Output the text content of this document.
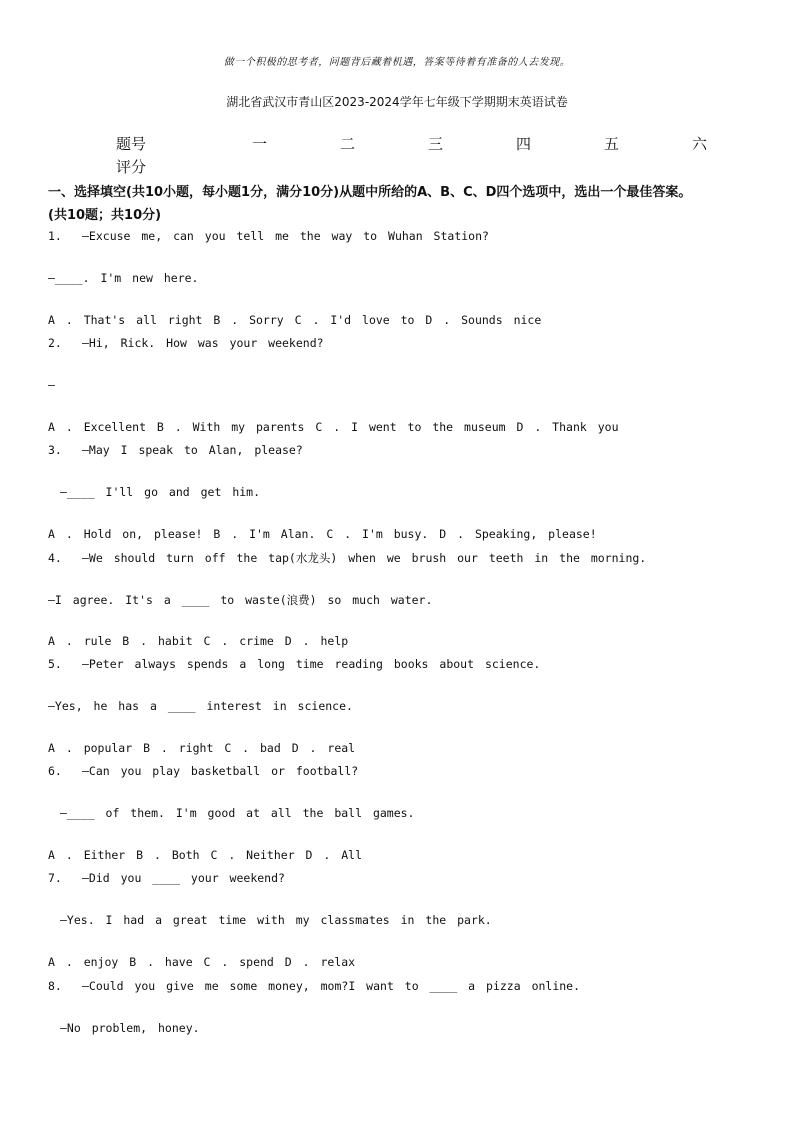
做一个积极的思考者，问题背后藏着机遇，答案等待着有准备的人去发现。
湖北省武汉市青山区2023-2024学年七年级下学期期末英语试卷
题号	一	二	三	四	五	六
评分
一、选择填空(共10小题，每小题1分，满分10分)从题中所给的A、B、C、D四个选项中，选出一个最佳答案。
(共10题；共10分)
1. —Excuse me, can you tell me the way to Wuhan Station?
—____. I'm new here.
A . That's all right B . Sorry C . I'd love to D . Sounds nice
2. —Hi, Rick. How was your weekend?
—
A . Excellent B . With my parents C . I went to the museum D . Thank you
3. —May I speak to Alan, please?
—____ I'll go and get him.
A . Hold on, please! B . I'm Alan. C . I'm busy. D . Speaking, please!
4. —We should turn off the tap(水龙头) when we brush our teeth in the morning.
—I agree. It's a ____ to waste(浪费) so much water.
A . rule B . habit C . crime D . help
5. —Peter always spends a long time reading books about science.
—Yes, he has a ____ interest in science.
A . popular B . right C . bad D . real
6. —Can you play basketball or football?
—____ of them. I'm good at all the ball games.
A . Either B . Both C . Neither D . All
7. —Did you ____ your weekend?
—Yes. I had a great time with my classmates in the park.
A . enjoy B . have C . spend D . relax
8. —Could you give me some money, mom?I want to ____ a pizza online.
—No problem, honey.
